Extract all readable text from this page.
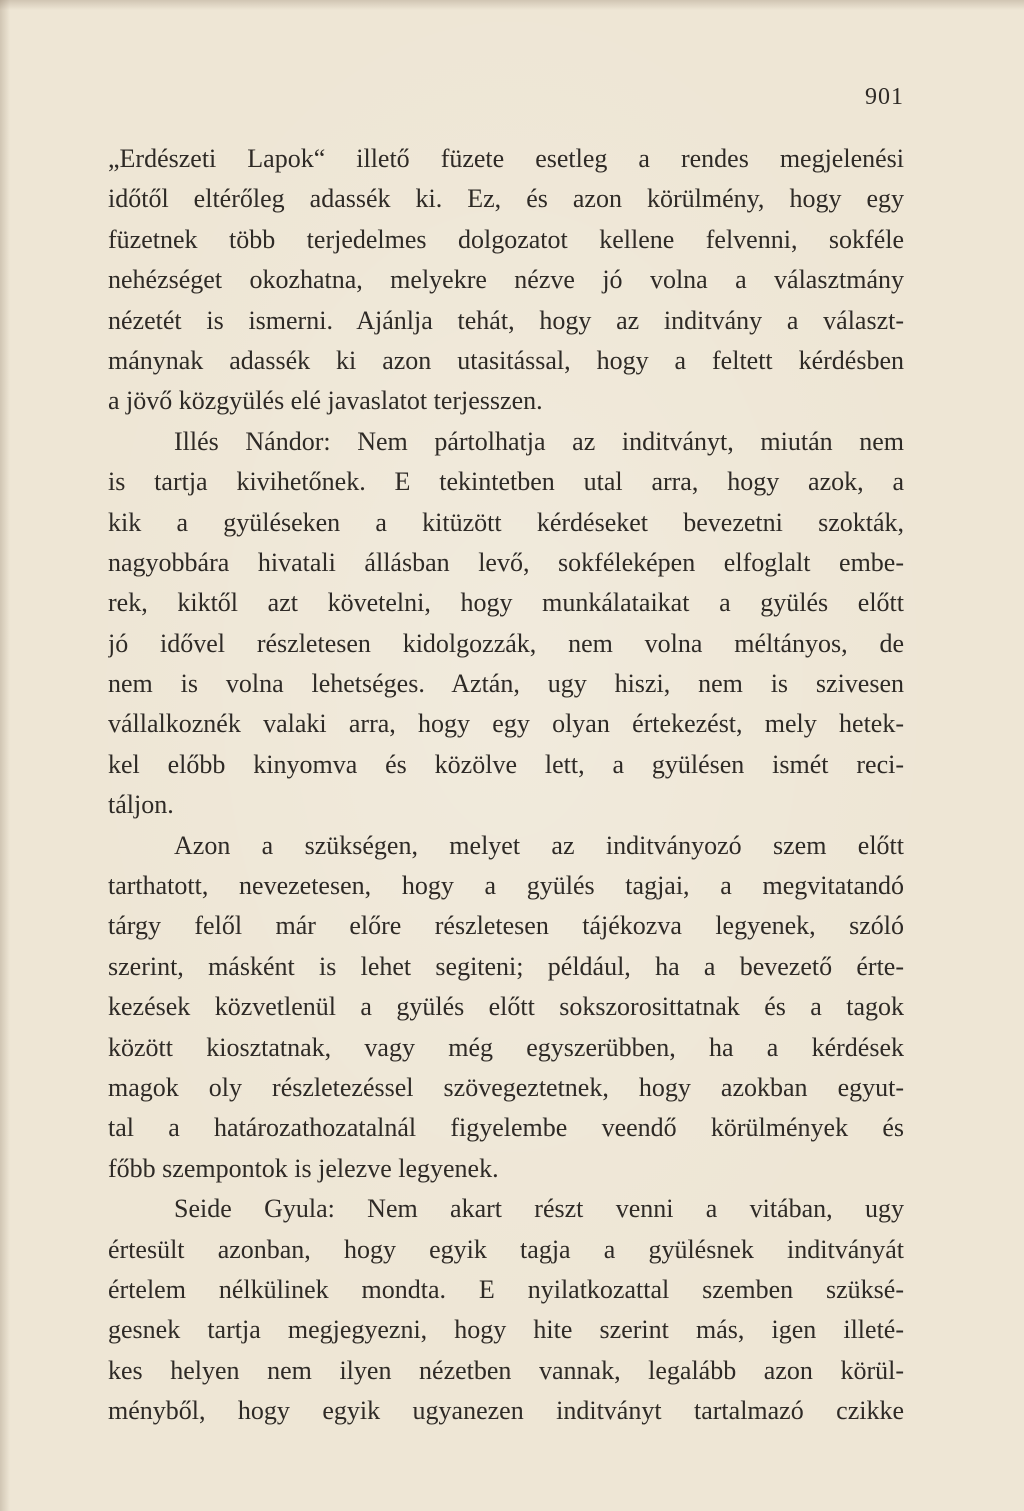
901
„Erdészeti Lapok“ illető füzete esetleg a rendes megjelenési
időtől eltérőleg adassék ki. Ez, és azon körülmény, hogy egy
füzetnek több terjedelmes dolgozatot kellene felvenni, sokféle
nehézséget okozhatna, melyekre nézve jó volna a választmány
nézetét is ismerni. Ajánlja tehát, hogy az inditvány a választ-
mánynak adassék ki azon utasitással, hogy a feltett kérdésben
a jövő közgyülés elé javaslatot terjesszen.
Illés Nándor: Nem pártolhatja az inditványt, miután nem
is tartja kivihetőnek. E tekintetben utal arra, hogy azok, a
kik a gyüléseken a kitüzött kérdéseket bevezetni szokták,
nagyobbára hivatali állásban levő, sokféleképen elfoglalt embe-
rek, kiktől azt követelni, hogy munkálataikat a gyülés előtt
jó idővel részletesen kidolgozzák, nem volna méltányos, de
nem is volna lehetséges. Aztán, ugy hiszi, nem is szivesen
vállalkoznék valaki arra, hogy egy olyan értekezést, mely hetek-
kel előbb kinyomva és közölve lett, a gyülésen ismét reci-
táljon.
Azon a szükségen, melyet az inditványozó szem előtt
tarthatott, nevezetesen, hogy a gyülés tagjai, a megvitatandó
tárgy felől már előre részletesen tájékozva legyenek, szóló
szerint, másként is lehet segiteni; például, ha a bevezető érte-
kezések közvetlenül a gyülés előtt sokszorosittatnak és a tagok
között kiosztatnak, vagy még egyszerübben, ha a kérdések
magok oly részletezéssel szövegeztetnek, hogy azokban egyut-
tal a határozathozatalnál figyelembe veendő körülmények és
főbb szempontok is jelezve legyenek.
Seide Gyula: Nem akart részt venni a vitában, ugy
értesült azonban, hogy egyik tagja a gyülésnek inditványát
értelem nélkülinek mondta. E nyilatkozattal szemben szüksé-
gesnek tartja megjegyezni, hogy hite szerint más, igen illeté-
kes helyen nem ilyen nézetben vannak, legalább azon körül-
ményből, hogy egyik ugyanezen inditványt tartalmazó czikke
